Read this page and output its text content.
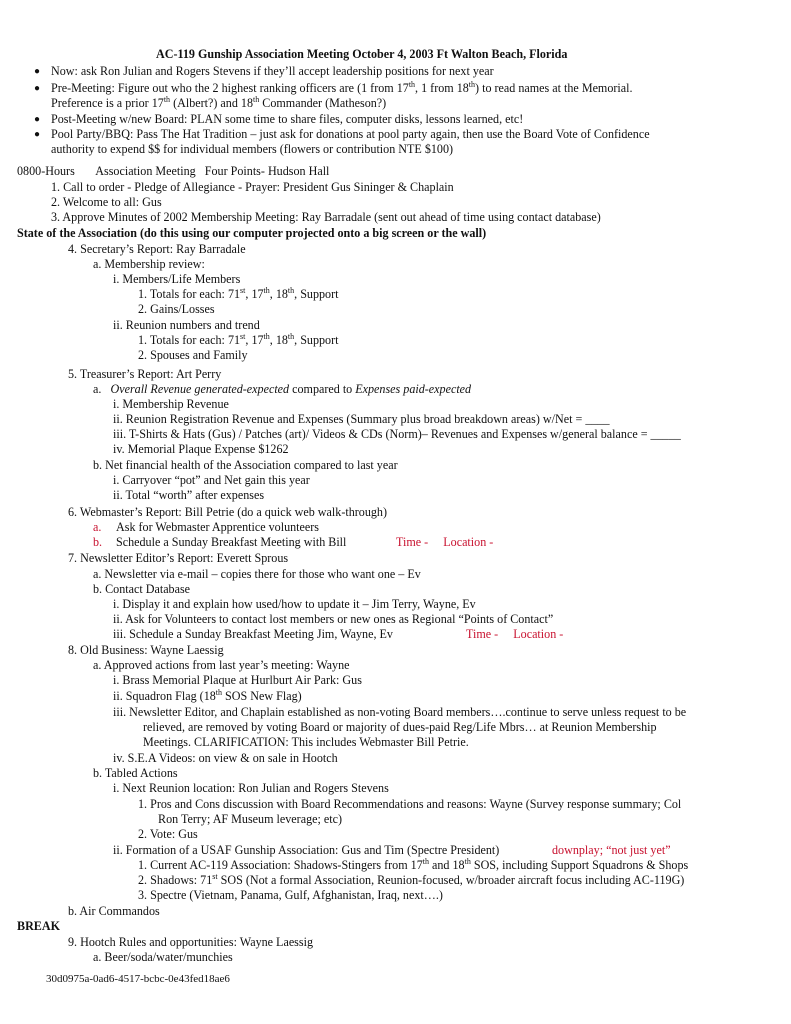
AC-119 Gunship Association Meeting October 4, 2003 Ft Walton Beach, Florida
● Now: ask Ron Julian and Rogers Stevens if they’ll accept leadership positions for next year
● Pre-Meeting: Figure out who the 2 highest ranking officers are (1 from 17th, 1 from 18th) to read names at the Memorial.
Preference is a prior 17th (Albert?) and 18th Commander (Matheson?)
● Post-Meeting w/new Board: PLAN some time to share files, computer disks, lessons learned, etc!
● Pool Party/BBQ: Pass The Hat Tradition – just ask for donations at pool party again, then use the Board Vote of Confidence
authority to expend $$ for individual members (flowers or contribution NTE $100)
0800-Hours       Association Meeting   Four Points- Hudson Hall
1. Call to order - Pledge of Allegiance - Prayer: President Gus Sininger & Chaplain
2. Welcome to all: Gus
3. Approve Minutes of 2002 Membership Meeting: Ray Barradale (sent out ahead of time using contact database)
State of the Association (do this using our computer projected onto a big screen or the wall)
4. Secretary’s Report: Ray Barradale
a. Membership review:
i. Members/Life Members
1. Totals for each: 71st, 17th, 18th, Support
2. Gains/Losses
ii. Reunion numbers and trend
1. Totals for each: 71st, 17th, 18th, Support
2. Spouses and Family
5. Treasurer’s Report: Art Perry
a.   Overall Revenue generated-expected compared to Expenses paid-expected
i. Membership Revenue
ii. Reunion Registration Revenue and Expenses (Summary plus broad breakdown areas) w/Net = ____
iii. T-Shirts & Hats (Gus) / Patches (art)/ Videos & CDs (Norm)– Revenues and Expenses w/general balance = _____
iv. Memorial Plaque Expense $1262
b. Net financial health of the Association compared to last year
i. Carryover “pot” and Net gain this year
ii. Total “worth” after expenses
6. Webmaster’s Report: Bill Petrie (do a quick web walk-through)
a. Ask for Webmaster Apprentice volunteers
b. Schedule a Sunday Breakfast Meeting with Bill	Time -     Location -
7. Newsletter Editor’s Report: Everett Sprous
a. Newsletter via e-mail – copies there for those who want one – Ev
b. Contact Database
i. Display it and explain how used/how to update it – Jim Terry, Wayne, Ev
ii. Ask for Volunteers to contact lost members or new ones as Regional “Points of Contact”
iii. Schedule a Sunday Breakfast Meeting Jim, Wayne, Ev	Time -     Location -
8. Old Business: Wayne Laessig
a. Approved actions from last year’s meeting: Wayne
i. Brass Memorial Plaque at Hurlburt Air Park: Gus
ii. Squadron Flag (18th SOS New Flag)
iii. Newsletter Editor, and Chaplain established as non-voting Board members….continue to serve unless request to be
relieved, are removed by voting Board or majority of dues-paid Reg/Life Mbrs… at Reunion Membership
Meetings. CLARIFICATION: This includes Webmaster Bill Petrie.
iv. S.E.A Videos: on view & on sale in Hootch
b. Tabled Actions
i. Next Reunion location: Ron Julian and Rogers Stevens
1. Pros and Cons discussion with Board Recommendations and reasons: Wayne (Survey response summary; Col
Ron Terry; AF Museum leverage; etc)
2. Vote: Gus
ii. Formation of a USAF Gunship Association: Gus and Tim (Spectre President)	downplay; “not just yet”
1. Current AC-119 Association: Shadows-Stingers from 17th and 18th SOS, including Support Squadrons & Shops
2. Shadows: 71st SOS (Not a formal Association, Reunion-focused, w/broader aircraft focus including AC-119G)
3. Spectre (Vietnam, Panama, Gulf, Afghanistan, Iraq, next….)
b. Air Commandos
BREAK
9. Hootch Rules and opportunities: Wayne Laessig
a. Beer/soda/water/munchies
30d0975a-0ad6-4517-bcbc-0e43fed18ae6
